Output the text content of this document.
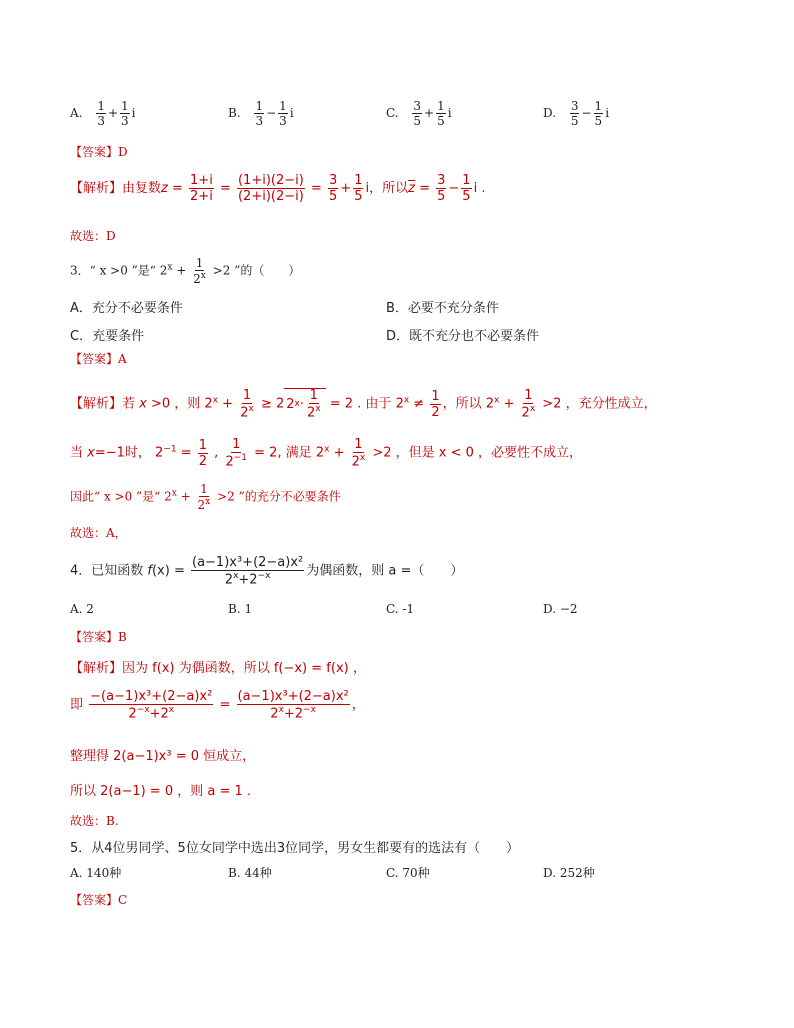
A. $\frac{1}{3} + \frac{1}{3}$ i	B. $\frac{1}{3} - \frac{1}{3}$ i	C. $\frac{3}{5} + \frac{1}{5}$ i	D. $\frac{3}{5} - \frac{1}{5}$ i
【答案】D
【解析】由复数$z = \frac{1+i}{2+i} = \frac{(1+i)(2-i)}{(2+i)(2-i)} = \frac{3}{5} + \frac{1}{5}$ i，所以$z = \frac{3}{5} - \frac{1}{5}$ i .
故选：D
3．“ x >0 ”是“ $2^x + \frac{1}{2^x} >2$ ”的（　　）
A．充分不必要条件	B．必要不充分条件
C．充要条件	D．既不充分也不必要条件
【答案】A
【解析】若 x >0 ，则 $2^x + \frac{1}{2^x} \ge 2$ 2 $x \cdot \frac{1}{2^x} = 2$ . 由于 $2^x \ne \frac{1}{2}$ ，所以 $2^x + \frac{1}{2^x} >2$ ，充分性成立，
当 x=−1时， $2^{-1} = \frac{1}{2}$ , $\frac{1}{2^{-1}} = 2$, 满足 $2^x + \frac{1}{2^x} >2$ ，但是 x < 0 ，必要性不成立，
因此“ x >0 ”是“ $2^x + \frac{1}{2^x} >2$ ”的充分不必要条件
故选：A，
4．已知函数 $f(x) = \frac{\text{(a−1)x³+(2−a)x²}}{2^x+2^{-x}}$ 为偶函数，则 a =（　　）
A. 2	B. 1	C. -1	D. −2
【答案】B
【解析】因为 f(x) 为偶函数，所以 f(−x) = f(x) ，
即 $\frac{\text{−(a−1)x³+(2−a)x²}}{2^{-x}+2^x} = \frac{\text{(a−1)x³+(2−a)x²}}{2^x+2^{-x}}$ ，
整理得 2(a−1)x³ = 0 恒成立，
所以 2(a−1) = 0 ，则 a = 1 .
故选：B.
5．从4位男同学、5位女同学中选出3位同学，男女生都要有的选法有（　　）
A. 140种	B. 44种	C. 70种	D. 252种
【答案】C
